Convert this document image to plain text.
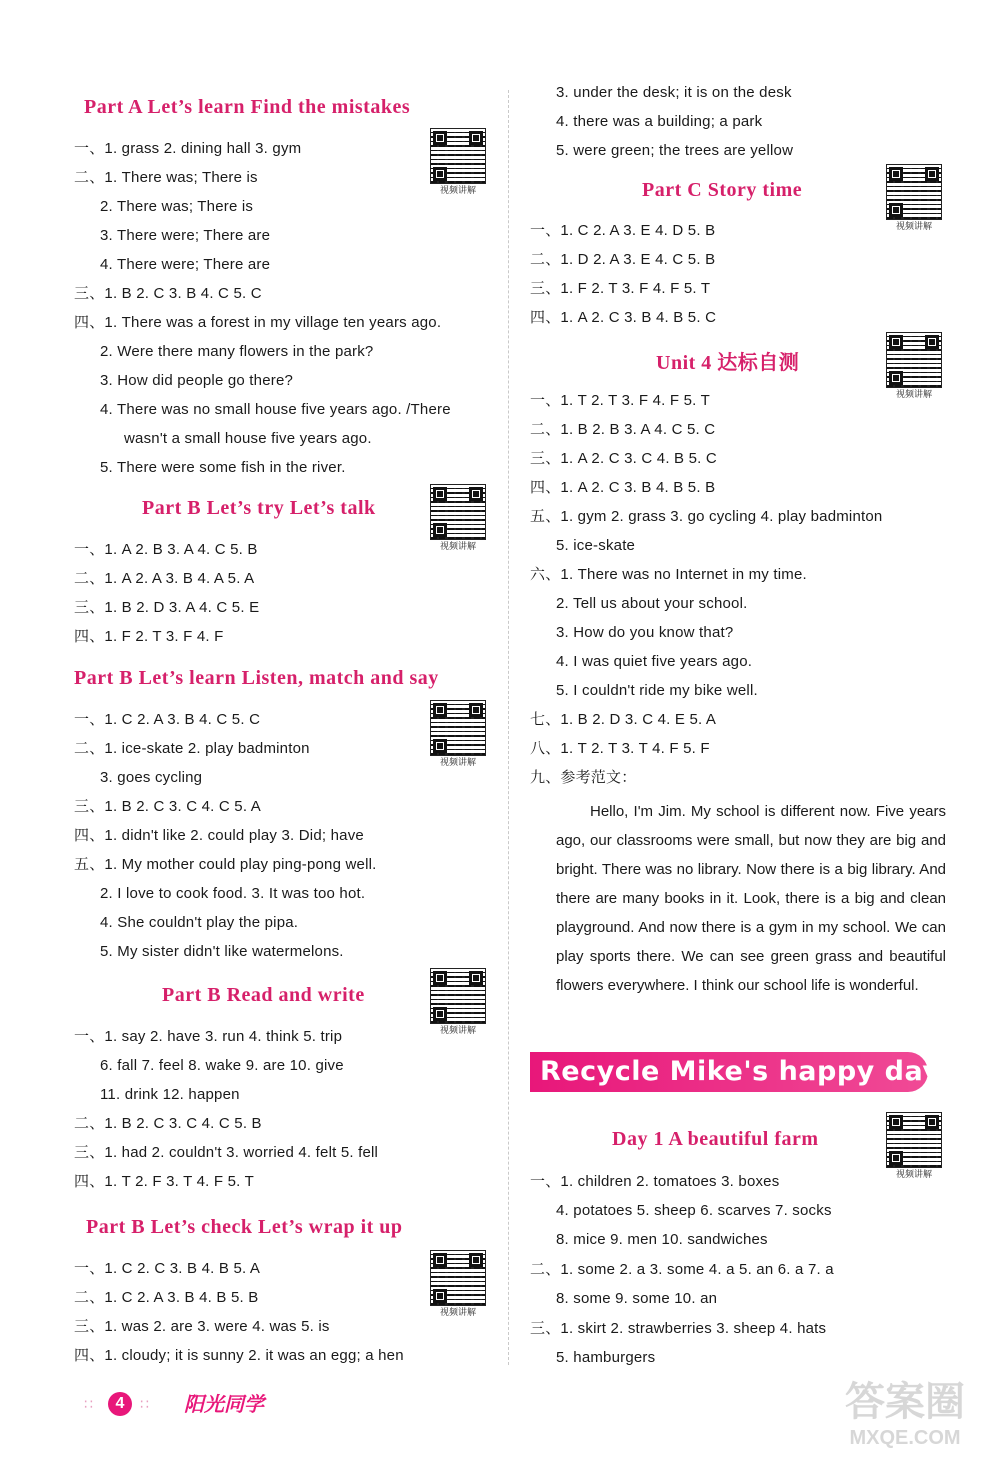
Part A Let’s learn Find the mistakes
一、1. grass 2. dining hall 3. gym
二、1. There was; There is
2. There was; There is
3. There were; There are
4. There were; There are
三、1. B 2. C 3. B 4. C 5. C
四、1. There was a forest in my village ten years ago.
2. Were there many flowers in the park?
3. How did people go there?
4. There was no small house five years ago. /There
wasn't a small house five years ago.
5. There were some fish in the river.
视频讲解
Part B Let’s try Let’s talk
一、1. A 2. B 3. A 4. C 5. B
二、1. A 2. A 3. B 4. A 5. A
三、1. B 2. D 3. A 4. C 5. E
四、1. F 2. T 3. F 4. F
视频讲解
Part B Let’s learn Listen, match and say
一、1. C 2. A 3. B 4. C 5. C
二、1. ice-skate 2. play badminton
3. goes cycling
三、1. B 2. C 3. C 4. C 5. A
四、1. didn't like 2. could play 3. Did; have
五、1. My mother could play ping-pong well.
2. I love to cook food. 3. It was too hot.
4. She couldn't play the pipa.
5. My sister didn't like watermelons.
视频讲解
Part B Read and write
一、1. say 2. have 3. run 4. think 5. trip
6. fall 7. feel 8. wake 9. are 10. give
11. drink 12. happen
二、1. B 2. C 3. C 4. C 5. B
三、1. had 2. couldn't 3. worried 4. felt 5. fell
四、1. T 2. F 3. T 4. F 5. T
视频讲解
Part B Let’s check Let’s wrap it up
一、1. C 2. C 3. B 4. B 5. A
二、1. C 2. A 3. B 4. B 5. B
三、1. was 2. are 3. were 4. was 5. is
四、1. cloudy; it is sunny 2. it was an egg; a hen
视频讲解
3. under the desk; it is on the desk
4. there was a building; a park
5. were green; the trees are yellow
Part C Story time
一、1. C 2. A 3. E 4. D 5. B
二、1. D 2. A 3. E 4. C 5. B
三、1. F 2. T 3. F 4. F 5. T
四、1. A 2. C 3. B 4. B 5. C
视频讲解
Unit 4 达标自测
一、1. T 2. T 3. F 4. F 5. T
二、1. B 2. B 3. A 4. C 5. C
三、1. A 2. C 3. C 4. B 5. C
四、1. A 2. C 3. B 4. B 5. B
五、1. gym 2. grass 3. go cycling 4. play badminton
5. ice-skate
六、1. There was no Internet in my time.
2. Tell us about your school.
3. How do you know that?
4. I was quiet five years ago.
5. I couldn't ride my bike well.
七、1. B 2. D 3. C 4. E 5. A
八、1. T 2. T 3. T 4. F 5. F
九、参考范文：
Hello, I'm Jim. My school is different now. Five years ago, our classrooms were small, but now they are big and bright. There was no library. Now there is a big library. And there are many books in it. Look, there is a big and clean playground. And now there is a gym in my school. We can play sports there. We can see green grass and beautiful flowers everywhere. I think our school life is wonderful.
视频讲解
Recycle Mike's happy days
Day 1 A beautiful farm
一、1. children 2. tomatoes 3. boxes
4. potatoes 5. sheep 6. scarves 7. socks
8. mice 9. men 10. sandwiches
二、1. some 2. a 3. some 4. a 5. an 6. a 7. a
8. some 9. some 10. an
三、1. skirt 2. strawberries 3. sheep 4. hats
5. hamburgers
视频讲解
∷	4	∷ 阳光同学	答案圈
MXQE.COM
